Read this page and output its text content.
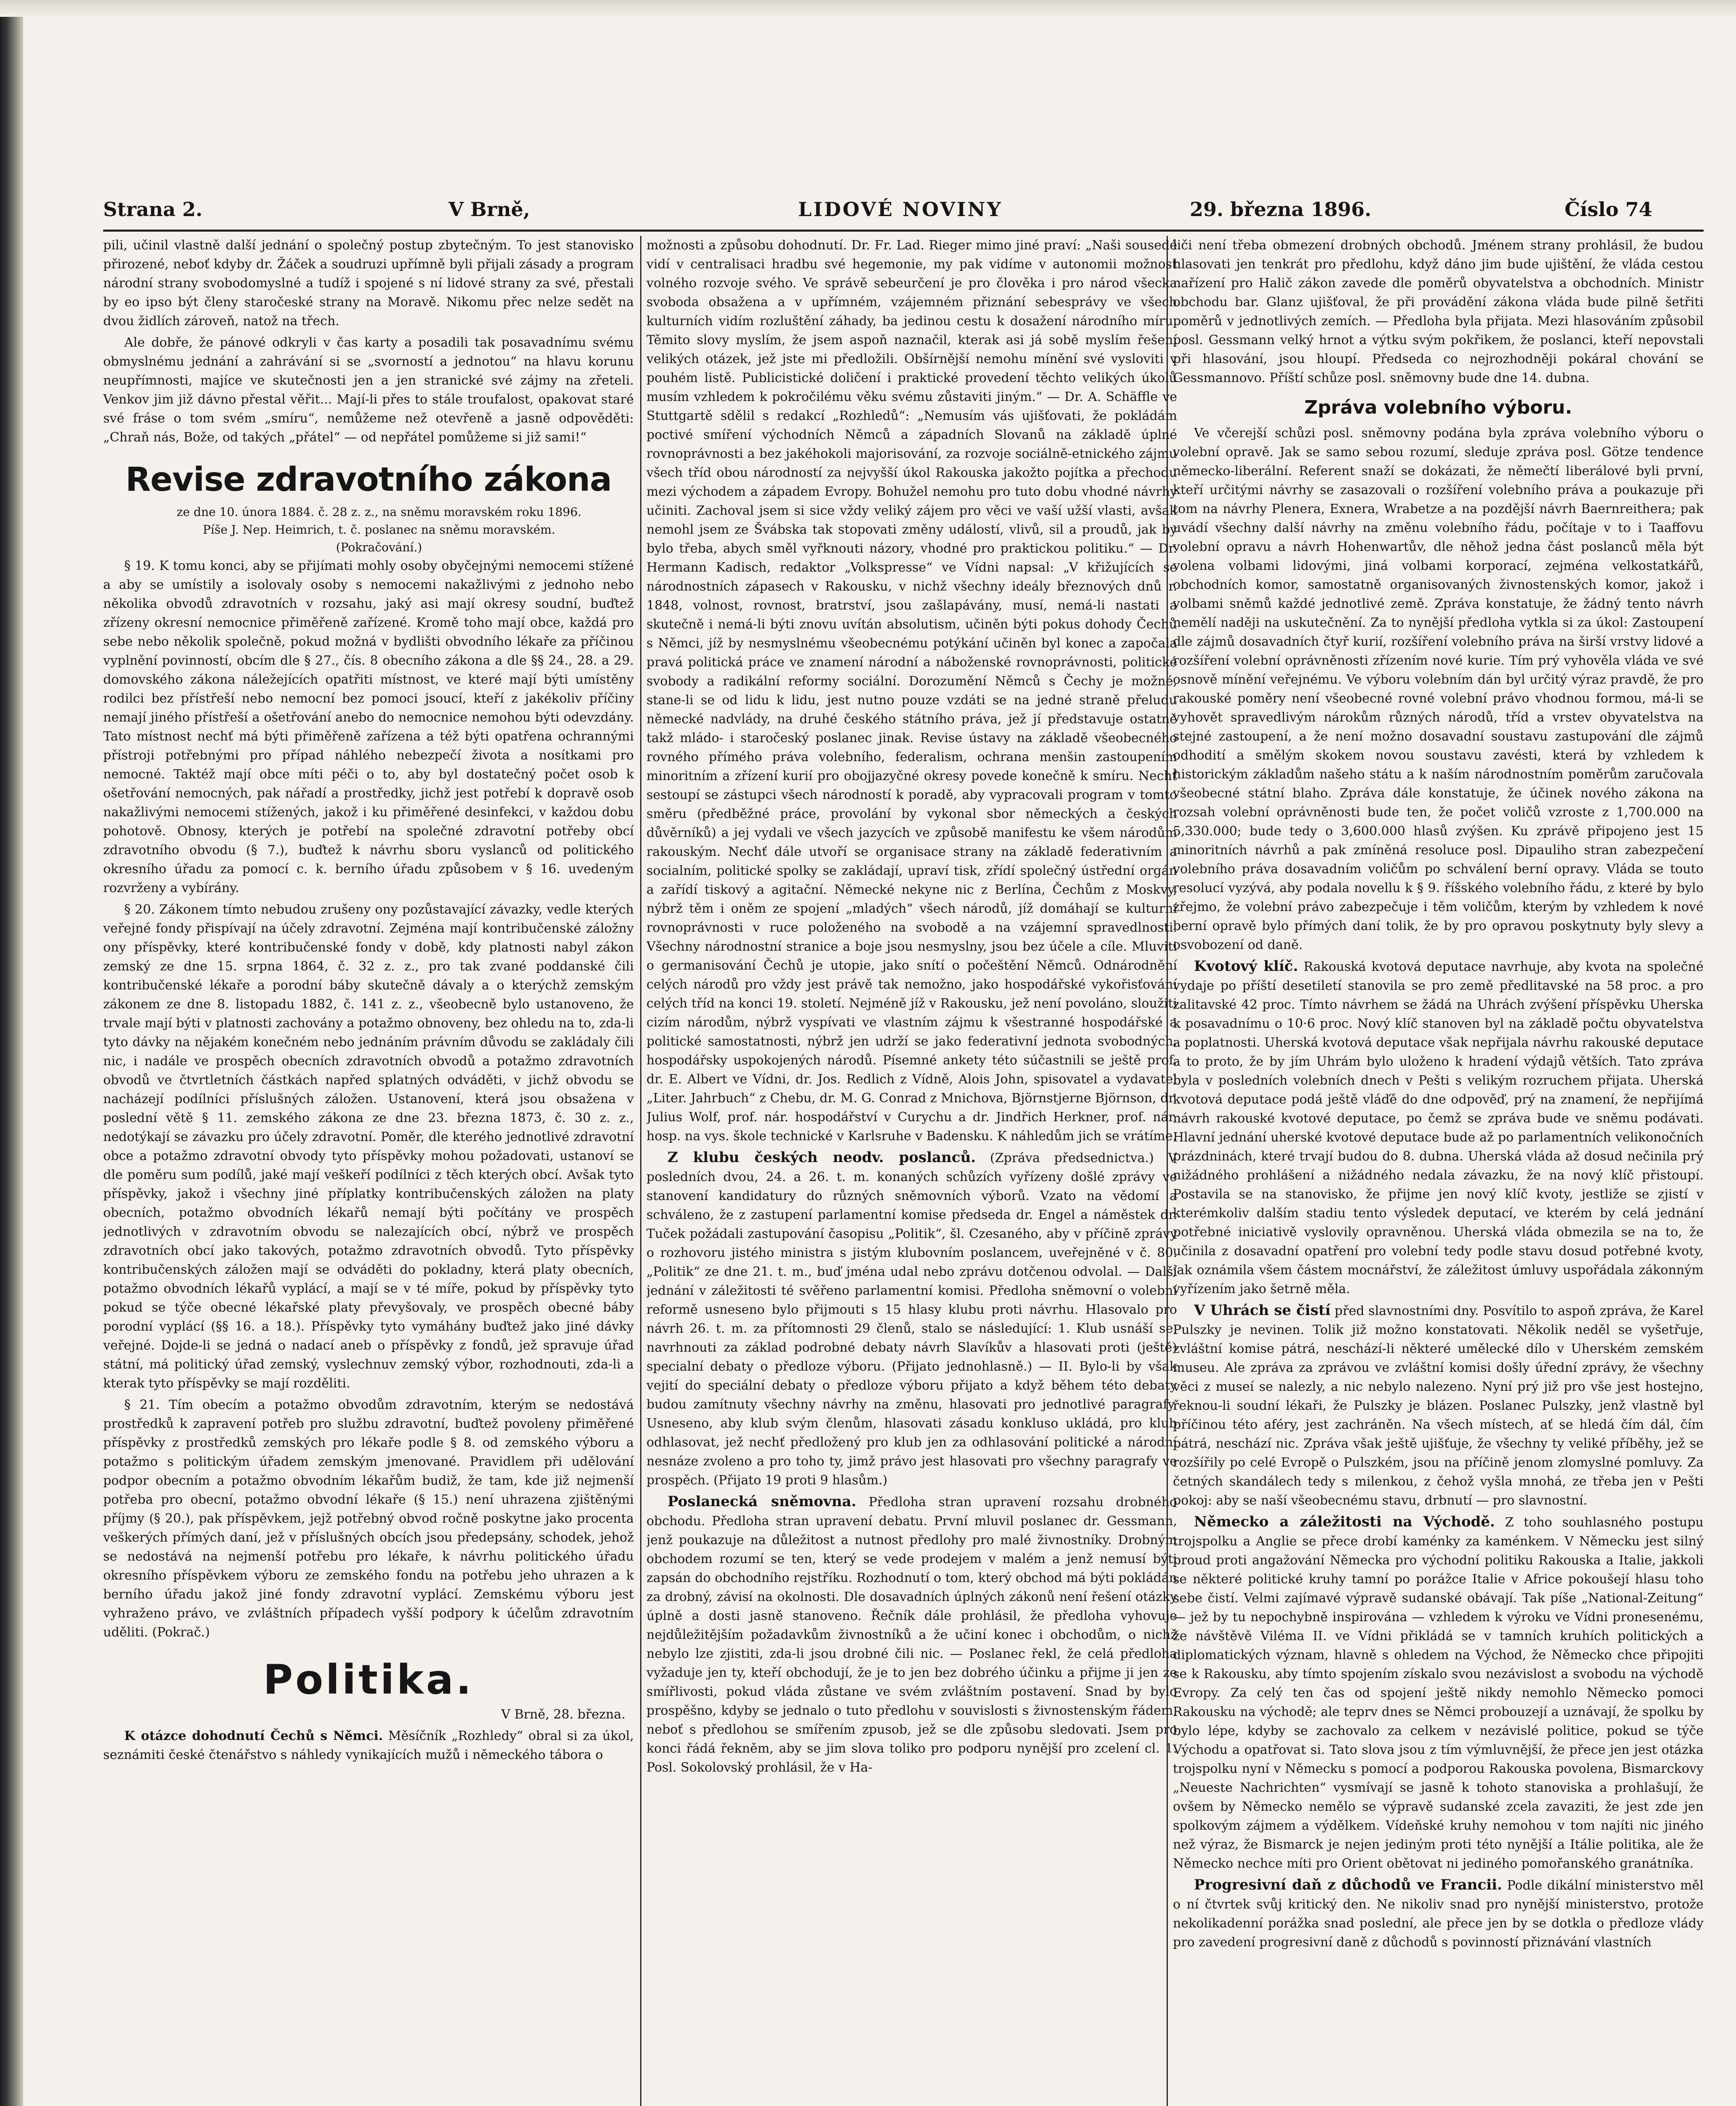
Strana 2.	V Brně,	LIDOVÉ NOVINY	29. března 1896.	Číslo 74

pili, učinil vlastně další jednání o společný postup zbytečným. To jest stanovisko přirozené, neboť kdyby dr. Žáček a soudruzi upřímně byli přijali zásady a program národní strany svobodomyslné a tudíž i spojené s ní lidové strany za své, přestali by eo ipso být členy staročeské strany na Moravě. Nikomu přec nelze sedět na dvou židlích zároveň, natož na třech.

Ale dobře, že pánové odkryli v čas karty a posadili tak posavadnímu svému obmyslnému jednání a zahrávání si se „svorností a jednotou“ na hlavu korunu neupřímnosti, majíce ve skutečnosti jen a jen stranické své zájmy na zřeteli. Venkov jim již dávno přestal věřit... Mají-li přes to stále troufalost, opakovat staré své fráse o tom svém „smíru“, nemůžeme než otevřeně a jasně odpověděti: „Chraň nás, Bože, od takých „přátel“ — od nepřátel pomůžeme si již sami!“

Revise zdravotního zákona

ze dne 10. února 1884. č. 28 z. z., na sněmu moravském roku 1896.

Píše J. Nep. Heimrich, t. č. poslanec na sněmu moravském.

(Pokračování.)

§ 19. K tomu konci, aby se přijímati mohly osoby obyčejnými nemocemi stížené a aby se umístily a isolovaly osoby s nemocemi nakažlivými z jednoho nebo několika obvodů zdravotních v rozsahu, jaký asi mají okresy soudní, buďtež zřízeny okresní nemocnice přiměřeně zařízené. Kromě toho mají obce, každá pro sebe nebo několik společně, pokud možná v bydlišti obvodního lékaře za příčinou vyplnění povinností, obcím dle § 27., čís. 8 obecního zákona a dle §§ 24., 28. a 29. domovského zákona náležejících opatřiti místnost, ve které mají býti umístěny rodilci bez přístřeší nebo nemocní bez pomoci jsoucí, kteří z jakékoliv příčiny nemají jiného přístřeší a ošetřování anebo do nemocnice nemohou býti odevzdány. Tato místnost nechť má býti přiměřeně zařízena a též býti opatřena ochrannými přístroji potřebnými pro případ náhlého nebezpečí života a nosítkami pro nemocné. Taktéž mají obce míti péči o to, aby byl dostatečný počet osob k ošetřování nemocných, pak nářadí a prostředky, jichž jest potřebí k dopravě osob nakažlivými nemocemi stížených, jakož i ku přiměřené desinfekci, v každou dobu pohotově. Obnosy, kterých je potřebí na společné zdravotní potřeby obcí zdravotního obvodu (§ 7.), buďtež k návrhu sboru vyslanců od politického okresního úřadu za pomocí c. k. berního úřadu způsobem v § 16. uvedeným rozvrženy a vybírány.

§ 20. Zákonem tímto nebudou zrušeny ony pozůstavající závazky, vedle kterých veřejné fondy přispívají na účely zdravotní. Zejména mají kontribučenské záložny ony příspěvky, které kontribučenské fondy v době, kdy platnosti nabyl zákon zemský ze dne 15. srpna 1864, č. 32 z. z., pro tak zvané poddanské čili kontribučenské lékaře a porodní báby skutečně dávaly a o kterýchž zemským zákonem ze dne 8. listopadu 1882, č. 141 z. z., všeobecně bylo ustanoveno, že trvale mají býti v platnosti zachovány a potažmo obnoveny, bez ohledu na to, zda-li tyto dávky na nějakém konečném nebo jednáním právním důvodu se zakládaly čili nic, i nadále ve prospěch obecních zdravotních obvodů a potažmo zdravotních obvodů ve čtvrtletních částkách napřed splatných odváděti, v jichž obvodu se nacházejí podílníci příslušných záložen. Ustanovení, která jsou obsažena v poslední větě § 11. zemského zákona ze dne 23. března 1873, č. 30 z. z., nedotýkají se závazku pro účely zdravotní. Poměr, dle kterého jednotlivé zdravotní obce a potažmo zdravotní obvody tyto příspěvky mohou požadovati, ustanoví se dle poměru sum podílů, jaké mají veškeří podílníci z těch kterých obcí. Avšak tyto příspěvky, jakož i všechny jiné příplatky kontribučenských záložen na platy obecních, potažmo obvodních lékařů nemají býti počítány ve prospěch jednotlivých v zdravotním obvodu se nalezajících obcí, nýbrž ve prospěch zdravotních obcí jako takových, potažmo zdravotních obvodů. Tyto příspěvky kontribučenských záložen mají se odváděti do pokladny, která platy obecních, potažmo obvodních lékařů vyplácí, a mají se v té míře, pokud by příspěvky tyto pokud se týče obecné lékařské platy převyšovaly, ve prospěch obecné báby porodní vyplácí (§§ 16. a 18.). Příspěvky tyto vymáhány buďtež jako jiné dávky veřejné. Dojde-li se jedná o nadací aneb o příspěvky z fondů, jež spravuje úřad státní, má politický úřad zemský, vyslechnuv zemský výbor, rozhodnouti, zda-li a kterak tyto příspěvky se mají rozděliti.

§ 21. Tím obecím a potažmo obvodům zdravotním, kterým se nedostává prostředků k zapravení potřeb pro službu zdravotní, buďtež povoleny přiměřené příspěvky z prostředků zemských pro lékaře podle § 8. od zemského výboru a potažmo s politickým úřadem zemským jmenované. Pravidlem při udělování podpor obecním a potažmo obvodním lékařům budiž, že tam, kde již nejmenší potřeba pro obecní, potažmo obvodní lékaře (§ 15.) není uhrazena zjištěnými příjmy (§ 20.), pak příspěvkem, jejž potřebný obvod ročně poskytne jako procenta veškerých přímých daní, jež v příslušných obcích jsou předepsány, schodek, jehož se nedostává na nejmenší potřebu pro lékaře, k návrhu politického úřadu okresního příspěvkem výboru ze zemského fondu na potřebu jeho uhrazen a k berního úřadu jakož jiné fondy zdravotní vyplácí. Zemskému výboru jest vyhraženo právo, ve zvláštních případech vyšší podpory k účelům zdravotním uděliti. (Pokrač.)

Politika.

V Brně, 28. března.

K otázce dohodnutí Čechů s Němci. Měsíčník „Rozhledy“ obral si za úkol, seznámiti české čtenářstvo s náhledy vynikajících mužů i německého tábora o

možnosti a způsobu dohodnutí. Dr. Fr. Lad. Rieger mimo jiné praví: „Naši sousedé vidí v centralisaci hradbu své hegemonie, my pak vidíme v autonomii možnost volného rozvoje svého. Ve správě sebeurčení je pro člověka i pro národ všecka svoboda obsažena a v upřímném, vzájemném přiznání sebesprávy ve všech kulturních vidím rozluštění záhady, ba jedinou cestu k dosažení národního míru. Těmito slovy myslím, že jsem aspoň naznačil, kterak asi já sobě myslím řešení velikých otázek, jež jste mi předložili. Obšírnější nemohu mínění své vysloviti v pouhém listě. Publicistické doličení i praktické provedení těchto velikých úkolů musím vzhledem k pokročilému věku svému zůstaviti jiným.“ — Dr. A. Schäffle ve Stuttgartě sdělil s redakcí „Rozhledů“: „Nemusím vás ujišťovati, že pokládám poctivé smíření východních Němců a západních Slovanů na základě úplné rovnoprávnosti a bez jakéhokoli majorisování, za rozvoje sociálně-etnického zájmu všech tříd obou národností za nejvyšší úkol Rakouska jakožto pojítka a přechodu mezi východem a západem Evropy. Bohužel nemohu pro tuto dobu vhodné návrhy učiniti. Zachoval jsem si sice vždy veliký zájem pro věci ve vaší užší vlasti, avšak nemohl jsem ze Švábska tak stopovati změny událostí, vlivů, sil a proudů, jak by bylo třeba, abych směl vyřknouti názory, vhodné pro praktickou politiku.“ — Dr. Hermann Kadisch, redaktor „Volkspresse“ ve Vídni napsal: „V křižujících se národnostních zápasech v Rakousku, v nichž všechny ideály březnových dnů r. 1848, volnost, rovnost, bratrství, jsou zašlapávány, musí, nemá-li nastati a skutečně i nemá-li býti znovu uvítán absolutism, učiněn býti pokus dohody Čechů s Němci, jíž by nesmyslnému všeobecnému potýkání učiněn byl konec a započala pravá politická práce ve znamení národní a náboženské rovnoprávnosti, politické svobody a radikální reformy sociální. Dorozumění Němců s Čechy je možné, stane-li se od lidu k lidu, jest nutno pouze vzdáti se na jedné straně přeludu německé nadvlády, na druhé českého státního práva, jež jí představuje ostatně takž mládo- i staročeský poslanec jinak. Revise ústavy na základě všeobecného rovného přímého práva volebního, federalism, ochrana menšin zastoupením minoritním a zřízení kurií pro obojjazyčné okresy povede konečně k smíru. Nechť sestoupí se zástupci všech národností k poradě, aby vypracovali program v tomto směru (předběžné práce, provolání by vykonal sbor německých a českých důvěrníků) a jej vydali ve všech jazycích ve způsobě manifestu ke všem národům rakouským. Nechť dále utvoří se organisace strany na základě federativním a socialním, politické spolky se zakládají, upraví tisk, zřídí společný ústřední orgán a zařídí tiskový a agitační. Německé nekyne nic z Berlína, Čechům z Moskvy, nýbrž těm i oněm ze spojení „mladých“ všech národů, jíž domáhají se kulturní rovnoprávnosti v ruce položeného na svobodě a na vzájemní spravedlnosti. Všechny národnostní stranice a boje jsou nesmyslny, jsou bez účele a cíle. Mluviti o germanisování Čechů je utopie, jako snítí o počeštění Němců. Odnárodnění celých národů pro vždy jest právě tak nemožno, jako hospodářské vykořisťování celých tříd na konci 19. století. Nejméně jíž v Rakousku, jež není povoláno, sloužiti cizím národům, nýbrž vyspívati ve vlastním zájmu k všestranné hospodářské a politické samostatnosti, nýbrž jen udrží se jako federativní jednota svobodných, hospodářsky uspokojených národů. Písemné ankety této súčastnili se ještě prof. dr. E. Albert ve Vídni, dr. Jos. Redlich z Vídně, Alois John, spisovatel a vydavatel „Liter. Jahrbuch“ z Chebu, dr. M. G. Conrad z Mnichova, Björnstjerne Björnson, dr. Julius Wolf, prof. nár. hospodářství v Curychu a dr. Jindřich Herkner, prof. nár. hosp. na vys. škole technické v Karlsruhe v Badensku. K náhledům jich se vrátíme.

Z klubu českých neodv. poslanců. (Zpráva předsednictva.) V posledních dvou, 24. a 26. t. m. konaných schůzích vyřízeny došlé zprávy ve stanovení kandidatury do různých sněmovních výborů. Vzato na vědomí a schváleno, že z zastupení parlamentní komise předseda dr. Engel a náměstek dr. Tuček požádali zastupování časopisu „Politik“, šl. Czesaného, aby v příčině zprávy o rozhovoru jistého ministra s jistým klubovním poslancem, uveřejněné v č. 80. „Politik“ ze dne 21. t. m., buď jména udal nebo zprávu dotčenou odvolal. — Další jednání v záležitosti té svěřeno parlamentní komisi. Předloha sněmovní o volební reformě usneseno bylo přijmouti s 15 hlasy klubu proti návrhu. Hlasovalo pro návrh 26. t. m. za přítomnosti 29 členů, stalo se následující: 1. Klub usnáší se, navrhnouti za základ podrobné debaty návrh Slavíkův a hlasovati proti (ještě) specialní debaty o předloze výboru. (Přijato jednohlasně.) — II. Bylo-li by však vejití do speciální debaty o předloze výboru přijato a když během této debaty budou zamítnuty všechny návrhy na změnu, hlasovati pro jednotlivé paragrafy. Usneseno, aby klub svým členům, hlasovati zásadu konkluso ukládá, pro klub odhlasovat, jež nechť předložený pro klub jen za odhlasování politické a národní nesnáze zvoleno a pro toho ty, jimž právo jest hlasovati pro všechny paragrafy ve prospěch. (Přijato 19 proti 9 hlasům.)

Poslanecká sněmovna. Předloha stran upravení rozsahu drobného obchodu. Předloha stran upravení debatu. První mluvil poslanec dr. Gessmann, jenž poukazuje na důležitost a nutnost předlohy pro malé živnostníky. Drobným obchodem rozumí se ten, který se vede prodejem v malém a jenž nemusí býti zapsán do obchodního rejstříku. Rozhodnutí o tom, který obchod má býti pokládán za drobný, závisí na okolnosti. Dle dosavadních úplných zákonů není řešení otázky úplně a dosti jasně stanoveno. Řečník dále prohlásil, že předloha vyhovuje nejdůležitějším požadavkům živnostníků a že učiní konec i obchodům, o nichž nebylo lze zjistiti, zda-li jsou drobné čili nic. — Poslanec řekl, že celá předloha vyžaduje jen ty, kteří obchodují, že je to jen bez dobrého účinku a přijme ji jen ze smířlivosti, pokud vláda zůstane ve svém zvláštním postavení. Snad by bylo prospěšno, kdyby se jednalo o tuto předlohu v souvislosti s živnostenským řádem, neboť s předlohou se smířením zpusob, jež se dle způsobu sledovati. Jsem pro konci řádá řekněm, aby se jim slova toliko pro podporu nynější pro zcelení cl. 1. Posl. Sokolovský prohlásil, že v Ha-

liči není třeba obmezení drobných obchodů. Jménem strany prohlásil, že budou hlasovati jen tenkrát pro předlohu, když dáno jim bude ujištění, že vláda cestou nařízení pro Halič zákon zavede dle poměrů obyvatelstva a obchodních. Ministr obchodu bar. Glanz ujišťoval, že při provádění zákona vláda bude pilně šetřiti poměrů v jednotlivých zemích. — Předloha byla přijata. Mezi hlasováním způsobil posl. Gessmann velký hrnot a výtku svým pokřikem, že poslanci, kteří nepovstali při hlasování, jsou hloupí. Předseda co nejrozhodněji pokáral chování se Gessmannovo. Příští schůze posl. sněmovny bude dne 14. dubna.

Zpráva volebního výboru.

Ve včerejší schůzi posl. sněmovny podána byla zpráva volebního výboru o volební opravě. Jak se samo sebou rozumí, sleduje zpráva posl. Götze tendence německo-liberální. Referent snaží se dokázati, že němečtí liberálové byli první, kteří určitými návrhy se zasazovali o rozšíření volebního práva a poukazuje při tom na návrhy Plenera, Exnera, Wrabetze a na pozdější návrh Baernreithera; pak uvádí všechny další návrhy na změnu volebního řádu, počítaje v to i Taaffovu volební opravu a návrh Hohenwartův, dle něhož jedna část poslanců měla být volena volbami lidovými, jiná volbami korporací, zejména velkostatkářů, obchodních komor, samostatně organisovaných živnostenských komor, jakož i volbami sněmů každé jednotlivé země. Zpráva konstatuje, že žádný tento návrh nemělí naději na uskutečnění. Za to nynější předloha vytkla si za úkol: Zastoupení dle zájmů dosavadních čtyř kurií, rozšíření volebního práva na širší vrstvy lidové a rozšíření volební oprávněnosti zřízením nové kurie. Tím prý vyhověla vláda ve své osnově mínění veřejnému. Ve výboru volebním dán byl určitý výraz pravdě, že pro rakouské poměry není všeobecné rovné volební právo vhodnou formou, má-li se vyhovět spravedlivým nárokům různých národů, tříd a vrstev obyvatelstva na stejné zastoupení, a že není možno dosavadní soustavu zastupování dle zájmů odhodití a smělým skokem novou soustavu zavésti, která by vzhledem k historickým základům našeho státu a k naším národnostním poměrům zaručovala všeobecné státní blaho. Zpráva dále konstatuje, že účinek nového zákona na rozsah volební oprávněnosti bude ten, že počet voličů vzroste z 1,700.000 na 5,330.000; bude tedy o 3,600.000 hlasů zvýšen. Ku zprávě připojeno jest 15 minoritních návrhů a pak zmíněná resoluce posl. Dipauliho stran zabezpečení volebního práva dosavadním voličům po schválení berní opravy. Vláda se touto resolucí vyzývá, aby podala novellu k § 9. říšského volebního řádu, z které by bylo zřejmo, že volební právo zabezpečuje i těm voličům, kterým by vzhledem k nové berní opravě bylo přímých daní tolik, že by pro opravou poskytnuty byly slevy a osvobození od daně.

Kvotový klíč. Rakouská kvotová deputace navrhuje, aby kvota na společné vydaje po příští desetiletí stanovila se pro země předlitavské na 58 proc. a pro zalitavské 42 proc. Tímto návrhem se žádá na Uhrách zvýšení příspěvku Uherska k posavadnímu o 10·6 proc. Nový klíč stanoven byl na základě počtu obyvatelstva a poplatnosti. Uherská kvotová deputace však nepřijala návrhu rakouské deputace a to proto, že by jím Uhrám bylo uloženo k hradení výdajů větších. Tato zpráva byla v posledních volebních dnech v Pešti s velikým rozruchem přijata. Uherská kvotová deputace podá ještě vláďě do dne odpověď, prý na znamení, že nepřijímá návrh rakouské kvotové deputace, po čemž se zpráva bude ve sněmu podávati. Hlavní jednání uherské kvotové deputace bude až po parlamentních velikonočních prázdninách, které trvají budou do 8. dubna. Uherská vláda až dosud nečinila prý nižádného prohlášení a nižádného nedala závazku, že na nový klíč přistoupí. Postavila se na stanovisko, že přijme jen nový klíč kvoty, jestliže se zjistí v kterémkoliv dalším stadiu tento výsledek deputací, ve kterém by celá jednání potřebné iniciativě vyslovily opravněnou. Uherská vláda obmezila se na to, že učinila z dosavadní opatření pro volební tedy podle stavu dosud potřebné kvoty, jak oznámila všem částem mocnářství, že záležitost úmluvy uspořádala zákonným vyřízením jako šetrně měla.

V Uhrách se čistí před slavnostními dny. Posvítilo to aspoň zpráva, že Karel Pulszky je nevinen. Tolik již možno konstatovati. Několik neděl se vyšetřuje, zvláštní komise pátrá, neschází-li některé umělecké dílo v Uherském zemském museu. Ale zpráva za zprávou ve zvláštní komisi došly úřední zprávy, že všechny věci z museí se nalezly, a nic nebylo nalezeno. Nyní prý již pro vše jest hostejno, řeknou-li soudní lékaři, že Pulszky je blázen. Poslanec Pulszky, jenž vlastně byl příčinou této aféry, jest zachráněn. Na všech místech, ať se hledá čím dál, čím pátrá, neschází nic. Zpráva však ještě ujišťuje, že všechny ty veliké příběhy, jež se rozšířily po celé Evropě o Pulszkém, jsou na příčině jenom zlomyslné pomluvy. Za četných skandálech tedy s milenkou, z čehož vyšla mnohá, ze třeba jen v Pešti pokoj: aby se naší všeobecnému stavu, drbnutí — pro slavnostní.

Německo a záležitosti na Východě. Z toho souhlasného postupu trojspolku a Anglie se přece drobí kaménky za kaménkem. V Německu jest silný proud proti angažování Německa pro východní politiku Rakouska a Italie, jakkoli se některé politické kruhy tamní po porážce Italie v Africe pokoušejí hlasu toho sebe čistí. Velmi zajímavé výpravě sudanské obávají. Tak píše „National-Zeitung“ — jež by tu nepochybně inspirována — vzhledem k výroku ve Vídni pronesenému, že návštěvě Viléma II. ve Vídni přikládá se v tamních kruhích politických a diplomatických význam, hlavně s ohledem na Východ, že Německo chce připojiti se k Rakousku, aby tímto spojením získalo svou nezávislost a svobodu na východě Evropy. Za celý ten čas od spojení ještě nikdy nemohlo Německo pomoci Rakousku na východě; ale teprv dnes se Němci probouzejí a uznávají, že spolku by bylo lépe, kdyby se zachovalo za celkem v nezávislé politice, pokud se týče Východu a opatřovat si. Tato slova jsou z tím výmluvnější, že přece jen jest otázka trojspolku nyní v Německu s pomocí a podporou Rakouska povolena, Bismarckovy „Neueste Nachrichten“ vysmívají se jasně k tohoto stanoviska a prohlašují, že ovšem by Německo nemělo se výpravě sudanské zcela zavaziti, že jest zde jen spolkovým zájmem a výdělkem. Vídeňské kruhy nemohou v tom najíti nic jiného než výraz, že Bismarck je nejen jediným proti této nynější a Itálie politika, ale že Německo nechce míti pro Orient obětovat ni jediného pomořanského granátníka.

Progresivní daň z důchodů ve Francii. Podle dikální ministerstvo měl o ní čtvrtek svůj kritický den. Ne nikoliv snad pro nynější ministerstvo, protože nekolikadenní porážka snad poslední, ale přece jen by se dotkla o předloze vlády pro zavedení progresivní daně z důchodů s povinností přiznávání vlastních
